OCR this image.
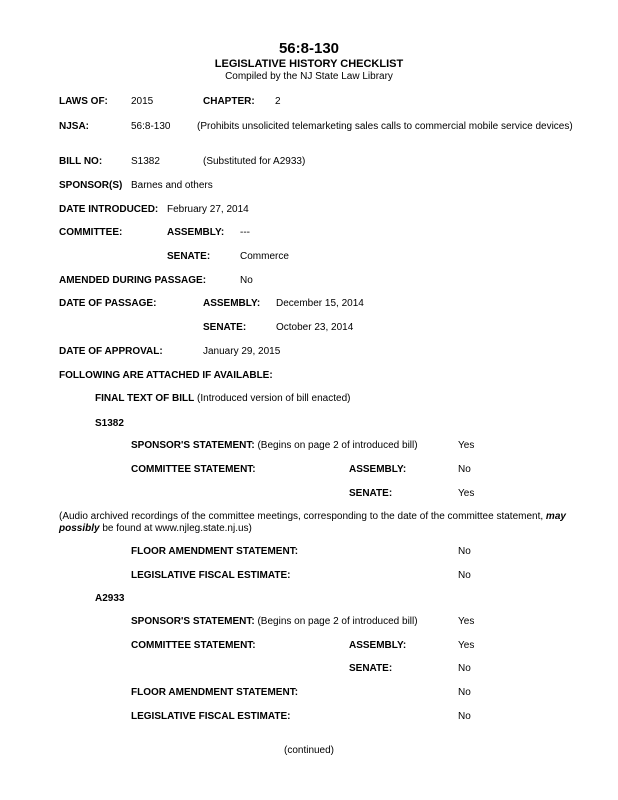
56:8-130
LEGISLATIVE HISTORY CHECKLIST
Compiled by the NJ State Law Library
LAWS OF: 2015	CHAPTER: 2
NJSA:	56:8-130	(Prohibits unsolicited telemarketing sales calls to commercial mobile service devices)
BILL NO:	S1382	(Substituted for A2933)
SPONSOR(S) Barnes and others
DATE INTRODUCED: February 27, 2014
COMMITTEE:	ASSEMBLY: ---
SENATE:	Commerce
AMENDED DURING PASSAGE:	No
DATE OF PASSAGE:	ASSEMBLY: December 15, 2014
SENATE:	October 23, 2014
DATE OF APPROVAL:	January 29, 2015
FOLLOWING ARE ATTACHED IF AVAILABLE:
FINAL TEXT OF BILL (Introduced version of bill enacted)
S1382
SPONSOR'S STATEMENT: (Begins on page 2 of introduced bill)	Yes
COMMITTEE STATEMENT:	ASSEMBLY:	No
SENATE:	Yes
(Audio archived recordings of the committee meetings, corresponding to the date of the committee statement, may possibly be found at www.njleg.state.nj.us)
FLOOR AMENDMENT STATEMENT:	No
LEGISLATIVE FISCAL ESTIMATE:	No
A2933
SPONSOR'S STATEMENT: (Begins on page 2 of introduced bill)	Yes
COMMITTEE STATEMENT:	ASSEMBLY:	Yes
SENATE:	No
FLOOR AMENDMENT STATEMENT:	No
LEGISLATIVE FISCAL ESTIMATE:	No
(continued)
